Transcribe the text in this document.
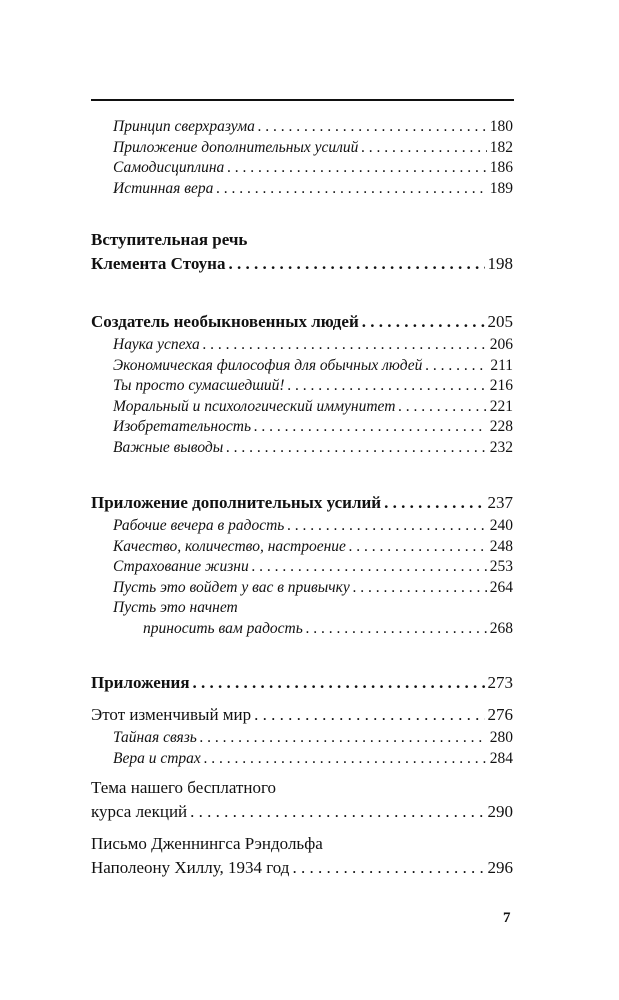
Принцип сверхразума . . .	180
Приложение дополнительных усилий . . .	182
Самодисциплина . . .	186
Истинная вера . . .	189
Вступительная речь
Клемента Стоуна . . .	198
Создатель необыкновенных людей . . .	205
Наука успеха . . .	206
Экономическая философия для обычных людей . . .	211
Ты просто сумасшедший! . . .	216
Моральный и психологический иммунитет . . .	221
Изобретательность . . .	228
Важные выводы . . .	232
Приложение дополнительных усилий . . .	237
Рабочие вечера в радость . . .	240
Качество, количество, настроение . . .	248
Страхование жизни . . .	253
Пусть это войдет у вас в привычку . . .	264
Пусть это начнет
приносить вам радость . . .	268
Приложения . . .	273
Этот изменчивый мир . . .	276
Тайная связь . . .	280
Вера и страх . . .	284
Тема нашего бесплатного
курса лекций . . .	290
Письмо Дженнингса Рэндольфа
Наполеону Хиллу, 1934 год . . .	296
7
